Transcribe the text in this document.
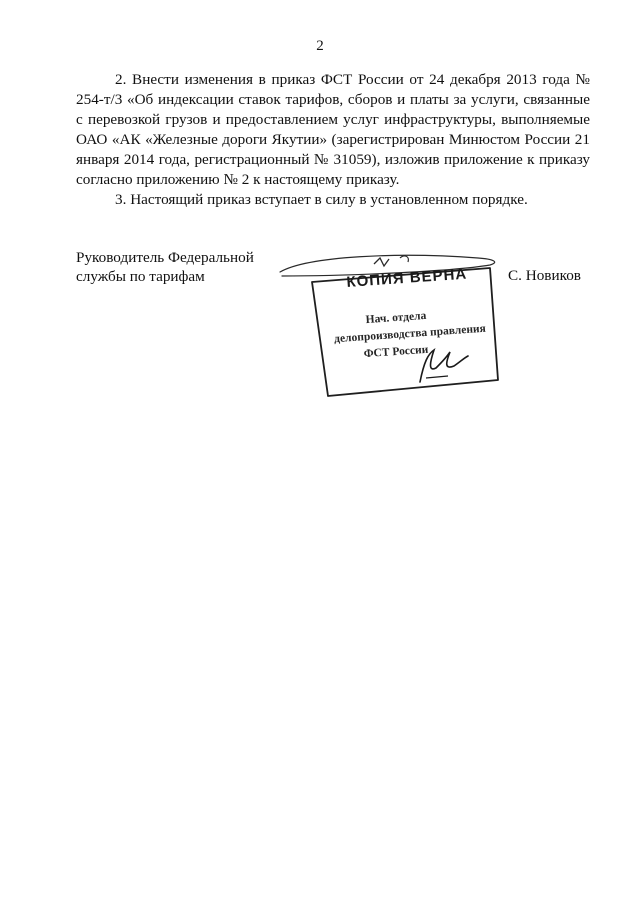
2

2. Внести изменения в приказ ФСТ России от 24 декабря 2013 года № 254-т/3 «Об индексации ставок тарифов, сборов и платы за услуги, связанные с перевозкой грузов и предоставлением услуг инфраструктуры, выполняемые ОАО «АК «Железные дороги Якутии» (зарегистрирован Минюстом России 21 января 2014 года, регистрационный № 31059), изложив приложение к приказу согласно приложению № 2 к настоящему приказу.

3. Настоящий приказ вступает в силу в установленном порядке.

Руководитель Федеральной
службы по тарифам	С. Новиков
КОПИЯ ВЕРНА
Нач. отдела
делопроизводства правления
ФСТ России
